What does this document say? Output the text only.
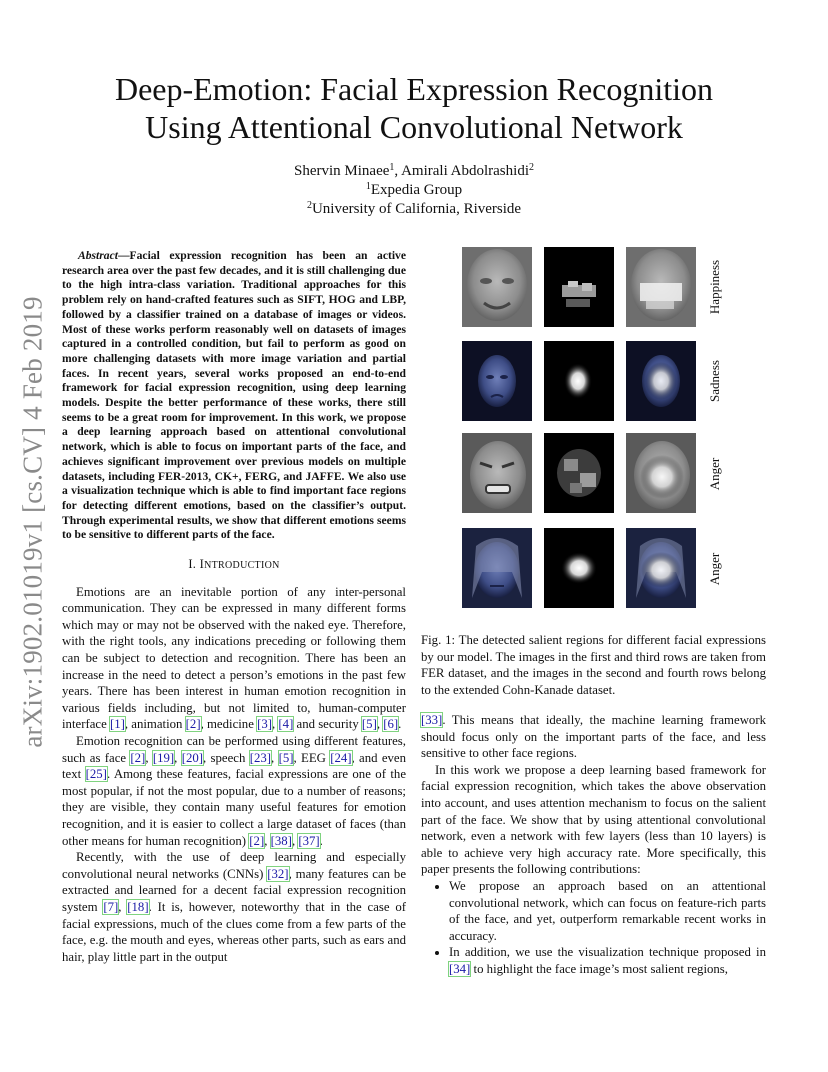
arXiv:1902.01019v1 [cs.CV] 4 Feb 2019
Deep-Emotion: Facial Expression Recognition
Using Attentional Convolutional Network
Shervin Minaee$^1$, Amirali Abdolrashidi$^2$
$^1$Expedia Group
$^2$University of California, Riverside

Abstract—Facial expression recognition has been an active research area over the past few decades, and it is still challenging due to the high intra-class variation. Traditional approaches for this problem rely on hand-crafted features such as SIFT, HOG and LBP, followed by a classifier trained on a database of images or videos. Most of these works perform reasonably well on datasets of images captured in a controlled condition, but fail to perform as good on more challenging datasets with more image variation and partial faces. In recent years, several works proposed an end-to-end framework for facial expression recognition, using deep learning models. Despite the better performance of these works, there still seems to be a great room for improvement. In this work, we propose a deep learning approach based on attentional convolutional network, which is able to focus on important parts of the face, and achieves significant improvement over previous models on multiple datasets, including FER-2013, CK+, FERG, and JAFFE. We also use a visualization technique which is able to find important face regions for detecting different emotions, based on the classifier’s output. Through experimental results, we show that different emotions seems to be sensitive to different parts of the face.

I. INTRODUCTION

Emotions are an inevitable portion of any inter-personal communication. They can be expressed in many different forms which may or may not be observed with the naked eye. Therefore, with the right tools, any indications preceding or following them can be subject to detection and recognition. There has been an increase in the need to detect a person’s emotions in the past few years. There has been interest in human emotion recognition in various fields including, but not limited to, human-computer interface [1], animation [2], medicine [3], [4] and security [5], [6].

Emotion recognition can be performed using different features, such as face [2], [19], [20], speech [23], [5], EEG [24], and even text [25]. Among these features, facial expressions are one of the most popular, if not the most popular, due to a number of reasons; they are visible, they contain many useful features for emotion recognition, and it is easier to collect a large dataset of faces (than other means for human recognition) [2], [38], [37].

Recently, with the use of deep learning and especially convolutional neural networks (CNNs) [32], many features can be extracted and learned for a decent facial expression recognition system [7], [18]. It is, however, noteworthy that in the case of facial expressions, much of the clues come from a few parts of the face, e.g. the mouth and eyes, whereas other parts, such as ears and hair, play little part in the output

Happiness
Sadness
Anger
Anger
Fig. 1: The detected salient regions for different facial expressions by our model. The images in the first and third rows are taken from FER dataset, and the images in the second and fourth rows belong to the extended Cohn-Kanade dataset.

[33]. This means that ideally, the machine learning framework should focus only on the important parts of the face, and less sensitive to other face regions.

In this work we propose a deep learning based framework for facial expression recognition, which takes the above observation into account, and uses attention mechanism to focus on the salient part of the face. We show that by using attentional convolutional network, even a network with few layers (less than 10 layers) is able to achieve very high accuracy rate. More specifically, this paper presents the following contributions:

• We propose an approach based on an attentional convolutional network, which can focus on feature-rich parts of the face, and yet, outperform remarkable recent works in accuracy.
• In addition, we use the visualization technique proposed in [34] to highlight the face image’s most salient regions,
